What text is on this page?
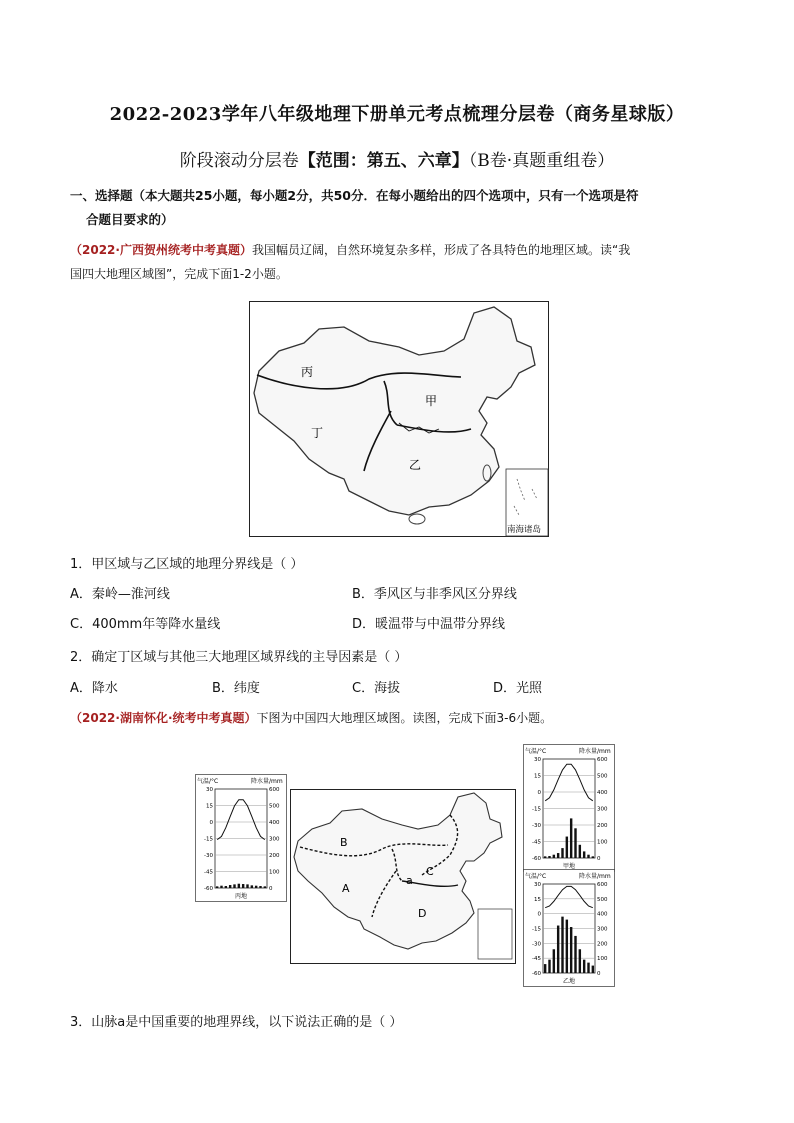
2022-2023学年八年级地理下册单元考点梳理分层卷（商务星球版）
阶段滚动分层卷【范围：第五、六章】（B卷·真题重组卷）
一、选择题（本大题共25小题，每小题2分，共50分．在每小题给出的四个选项中，只有一个选项是符
合题目要求的）
（2022·广西贺州统考中考真题）我国幅员辽阔，自然环境复杂多样，形成了各具特色的地理区域。读“我
国四大地理区域图”，完成下面1-2小题。
丙
甲
丁
乙
南海诸岛
1．甲区域与乙区域的地理分界线是（ ）
A．秦岭—淮河线	B．季风区与非季风区分界线
C．400mm年等降水量线	D．暖温带与中温带分界线
2．确定丁区域与其他三大地理区域界线的主导因素是（ ）
A．降水	B．纬度	C．海拔	D．光照
（2022·湖南怀化·统考中考真题）下图为中国四大地理区域图。读图，完成下面3-6小题。
B
A
a
C
D
气温/°C	降水量/mm
30	600
15	500
0	400
-15	300
-30	200
-45	100
-60	0
丙地
气温/°C	降水量/mm
30	600
15	500
0	400
-15	300
-30	200
-45	100
-60	0
甲地
气温/°C	降水量/mm
30	600
15	500
0	400
-15	300
-30	200
-45	100
-60	0
乙地
3．山脉a是中国重要的地理界线，以下说法正确的是（ ）
